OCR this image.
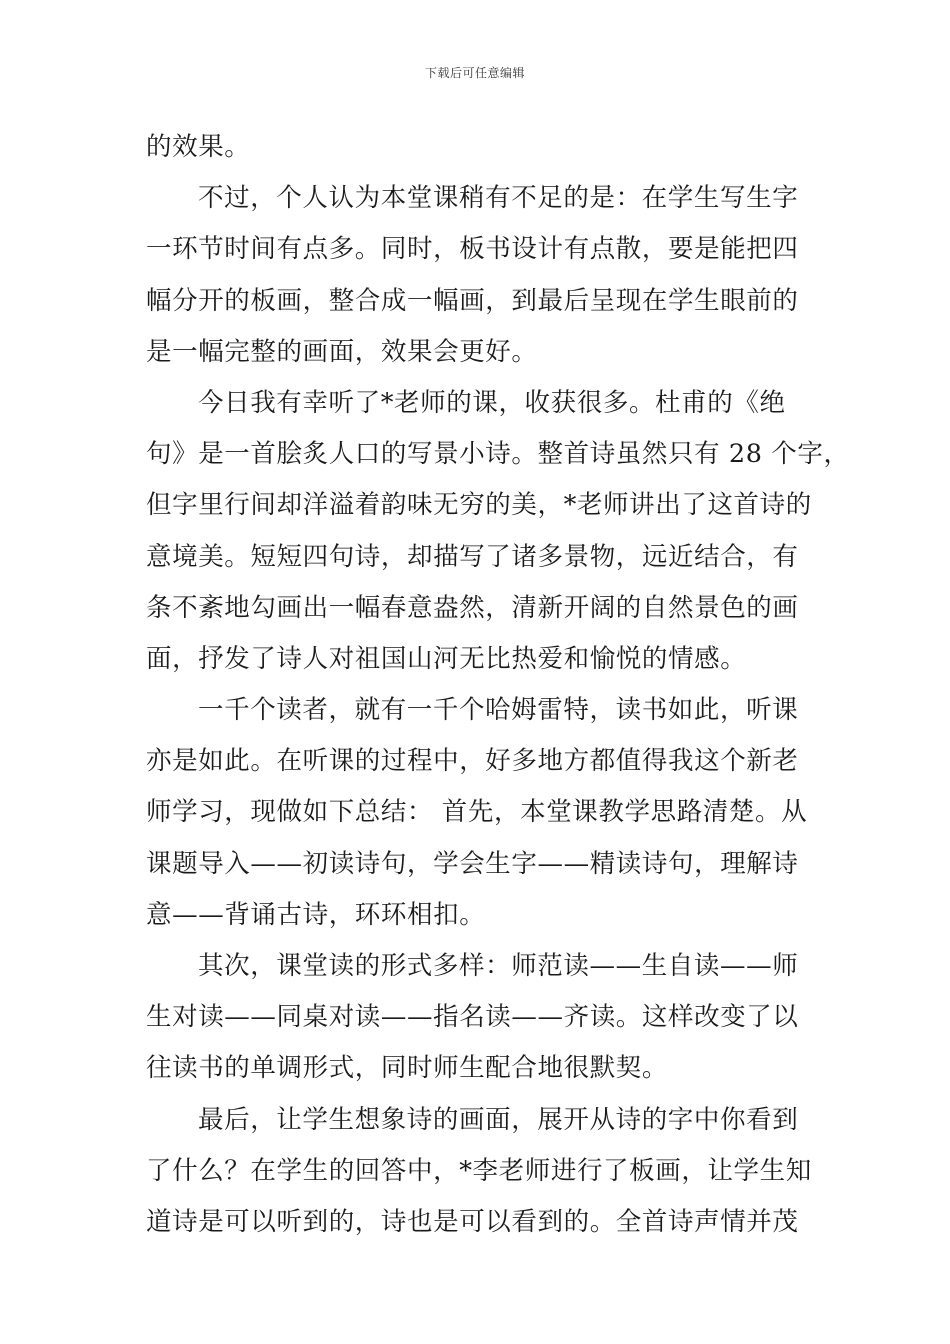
下载后可任意编辑
的效果。
不过，个人认为本堂课稍有不足的是：在学生写生字
一环节时间有点多。同时，板书设计有点散，要是能把四
幅分开的板画，整合成一幅画，到最后呈现在学生眼前的
是一幅完整的画面，效果会更好。
今日我有幸听了*老师的课，收获很多。杜甫的《绝
句》是一首脍炙人口的写景小诗。整首诗虽然只有 28 个字，
但字里行间却洋溢着韵味无穷的美，*老师讲出了这首诗的
意境美。短短四句诗，却描写了诸多景物，远近结合，有
条不紊地勾画出一幅春意盎然，清新开阔的自然景色的画
面，抒发了诗人对祖国山河无比热爱和愉悦的情感。
一千个读者，就有一千个哈姆雷特，读书如此，听课
亦是如此。在听课的过程中，好多地方都值得我这个新老
师学习，现做如下总结： 首先，本堂课教学思路清楚。从
课题导入——初读诗句，学会生字——精读诗句，理解诗
意——背诵古诗，环环相扣。
其次，课堂读的形式多样：师范读——生自读——师
生对读——同桌对读——指名读——齐读。这样改变了以
往读书的单调形式，同时师生配合地很默契。
最后，让学生想象诗的画面，展开从诗的字中你看到
了什么？在学生的回答中，*李老师进行了板画，让学生知
道诗是可以听到的，诗也是可以看到的。全首诗声情并茂
